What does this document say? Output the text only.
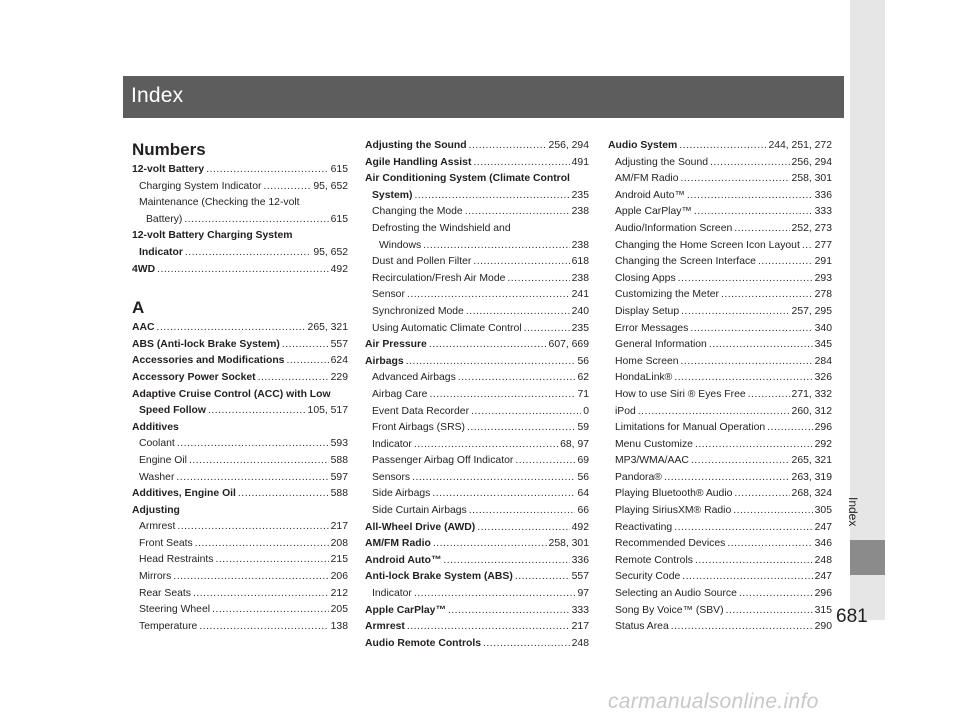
Index
Index
Numbers
12-volt Battery .....	615
Charging System Indicator .....	95, 652
Maintenance (Checking the 12-volt
Battery) .....	615
12-volt Battery Charging System
Indicator .....	95, 652
4WD .....	492
A
AAC .....	265, 321
ABS (Anti-lock Brake System) .....	557
Accessories and Modifications .....	624
Accessory Power Socket .....	229
Adaptive Cruise Control (ACC) with Low
Speed Follow .....	105, 517
Additives
Coolant .....	593
Engine Oil .....	588
Washer .....	597
Additives, Engine Oil .....	588
Adjusting
Armrest .....	217
Front Seats .....	208
Head Restraints .....	215
Mirrors .....	206
Rear Seats .....	212
Steering Wheel .....	205
Temperature .....	138
Adjusting the Sound .....	256, 294
Agile Handling Assist .....	491
Air Conditioning System (Climate Control
System) .....	235
Changing the Mode .....	238
Defrosting the Windshield and
Windows .....	238
Dust and Pollen Filter .....	618
Recirculation/Fresh Air Mode .....	238
Sensor .....	241
Synchronized Mode .....	240
Using Automatic Climate Control .....	235
Air Pressure .....	607, 669
Airbags .....	56
Advanced Airbags .....	62
Airbag Care .....	71
Event Data Recorder .....	0
Front Airbags (SRS) .....	59
Indicator .....	68, 97
Passenger Airbag Off Indicator .....	69
Sensors .....	56
Side Airbags .....	64
Side Curtain Airbags .....	66
All-Wheel Drive (AWD) .....	492
AM/FM Radio .....	258, 301
Android Auto™ .....	336
Anti-lock Brake System (ABS) .....	557
Indicator .....	97
Apple CarPlay™ .....	333
Armrest .....	217
Audio Remote Controls .....	248
Audio System .....	244, 251, 272
Adjusting the Sound .....	256, 294
AM/FM Radio .....	258, 301
Android Auto™ .....	336
Apple CarPlay™ .....	333
Audio/Information Screen .....	252, 273
Changing the Home Screen Icon Layout ..... 277
Changing the Screen Interface .....	291
Closing Apps .....	293
Customizing the Meter .....	278
Display Setup .....	257, 295
Error Messages .....	340
General Information .....	345
Home Screen .....	284
HondaLink® .....	326
How to use Siri ® Eyes Free .....	271, 332
iPod .....	260, 312
Limitations for Manual Operation .....	296
Menu Customize .....	292
MP3/WMA/AAC .....	265, 321
Pandora® .....	263, 319
Playing Bluetooth® Audio .....	268, 324
Playing SiriusXM® Radio .....	305
Reactivating .....	247
Recommended Devices .....	346
Remote Controls .....	248
Security Code .....	247
Selecting an Audio Source .....	296
Song By Voice™ (SBV) .....	315
Status Area .....	290 681
carmanualsonline.info
